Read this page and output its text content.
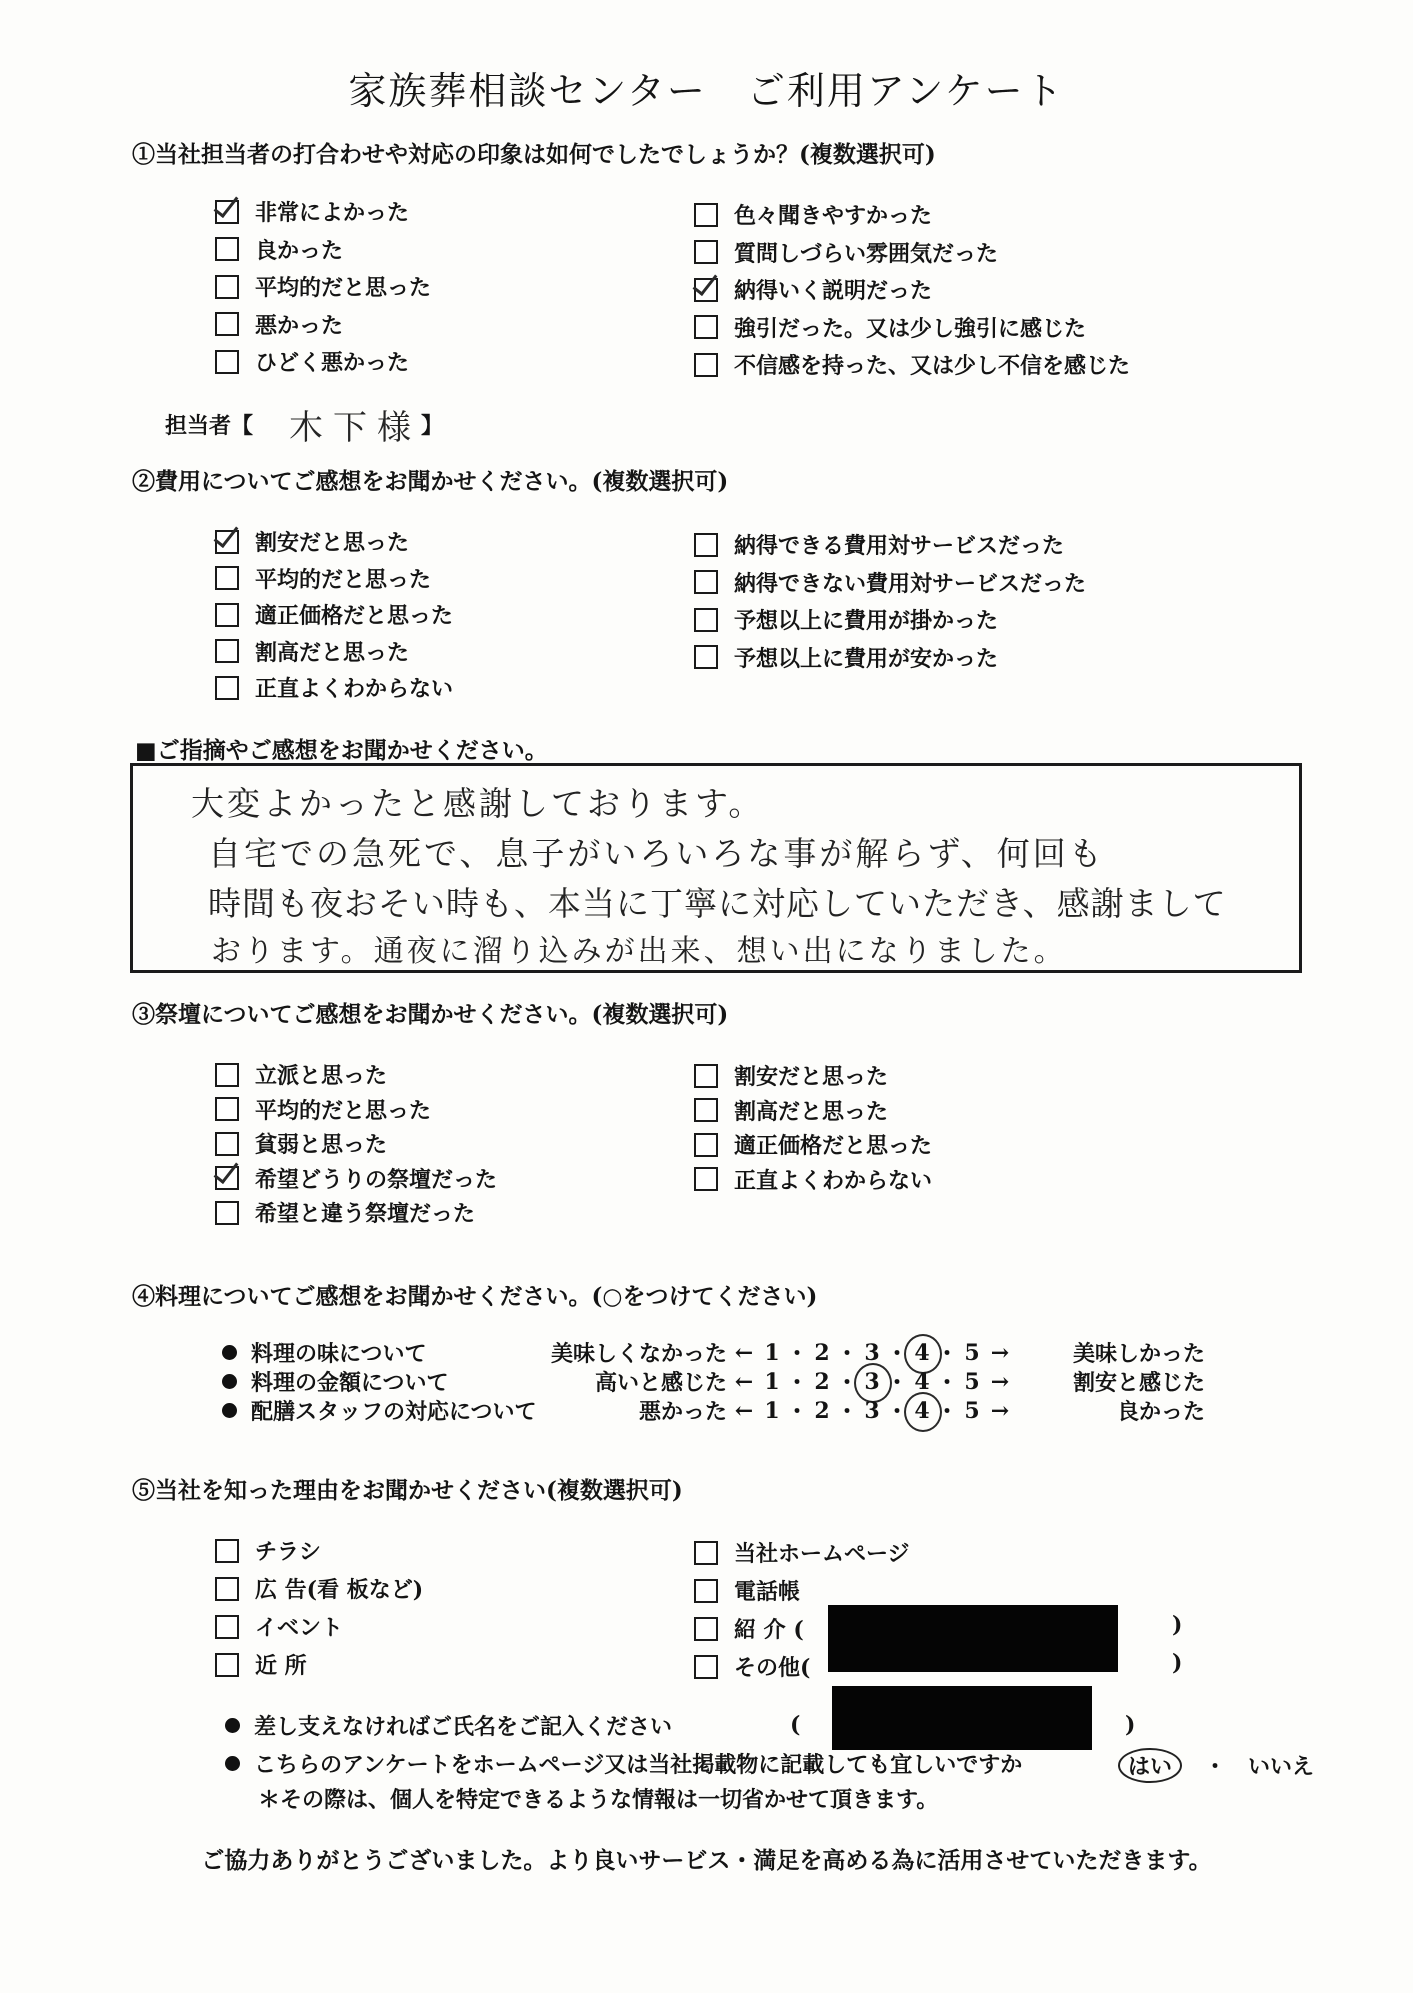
家族葬相談センター　ご利用アンケート
①当社担当者の打合わせや対応の印象は如何でしたでしょうか？(複数選択可)
非常によかった
良かった
平均的だと思った
悪かった
ひどく悪かった
色々聞きやすかった
質問しづらい雰囲気だった
納得いく説明だった
強引だった。又は少し強引に感じた
不信感を持った、又は少し不信を感じた
担当者【 木下様 】
②費用についてご感想をお聞かせください。(複数選択可)
割安だと思った
平均的だと思った
適正価格だと思った
割高だと思った
正直よくわからない
納得できる費用対サービスだった
納得できない費用対サービスだった
予想以上に費用が掛かった
予想以上に費用が安かった
■ご指摘やご感想をお聞かせください。
大変よかったと感謝しております。
自宅での急死で、息子がいろいろな事が解らず、何回も
時間も夜おそい時も、本当に丁寧に対応していただき、感謝まして
おります。通夜に溜り込みが出来、想い出になりました。
③祭壇についてご感想をお聞かせください。(複数選択可)
立派と思った
平均的だと思った
貧弱と思った
希望どうりの祭壇だった
希望と違う祭壇だった
割安だと思った
割高だと思った
適正価格だと思った
正直よくわからない
④料理についてご感想をお聞かせください。(○をつけてください)
料理の味について	美味しくなかった ← 1 ・ 2 ・ 3 ・ 4 ・ 5 →	美味しかった
料理の金額について	高いと感じた ← 1 ・ 2 ・ 3 ・ 4 ・ 5 →	割安と感じた
配膳スタッフの対応について	悪かった ← 1 ・ 2 ・ 3 ・ 4 ・ 5 →	良かった
⑤当社を知った理由をお聞かせください(複数選択可)
チラシ
広 告(看 板など)
イベント
近 所
当社ホームページ
電話帳
紹 介 (
その他(
)
)
差し支えなければご氏名をご記入ください	(	)
こちらのアンケートをホームページ又は当社掲載物に記載しても宜しいですか	はい	・ いいえ
＊その際は、個人を特定できるような情報は一切省かせて頂きます。
ご協力ありがとうございました。より良いサービス・満足を高める為に活用させていただきます。
